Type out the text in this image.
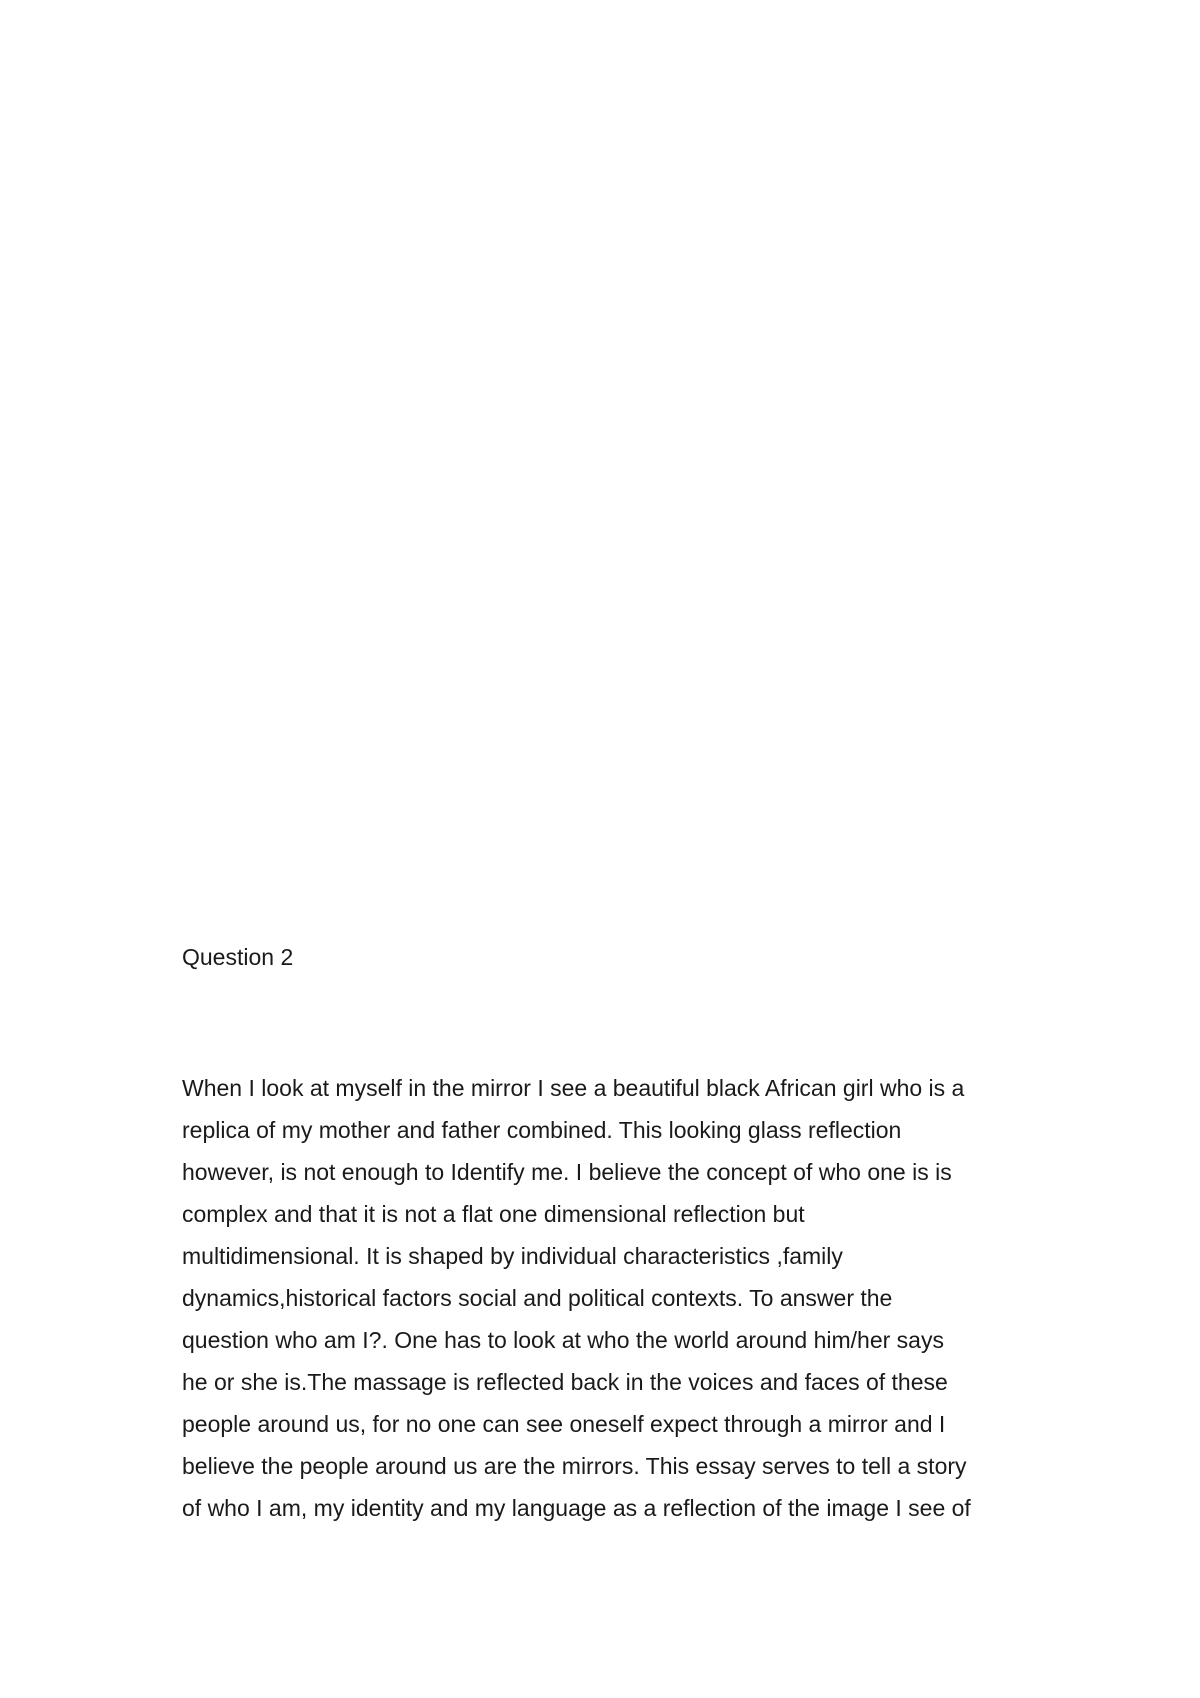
Question 2
When I look at myself in the mirror I see a beautiful black African girl who is a
replica of my mother and father combined. This looking glass reflection
however, is not enough to Identify me. I believe the concept of who one is is
complex and that it is not a flat one dimensional reflection but
multidimensional. It is shaped by individual characteristics ,family
dynamics,historical factors social and political contexts. To answer the
question who am I?. One has to look at who the world around him/her says
he or she is.The massage is reflected back in the voices and faces of these
people around us, for no one can see oneself expect through a mirror and I
believe the people around us are the mirrors. This essay serves to tell a story
of who I am, my identity and my language as a reflection of the image I see of
